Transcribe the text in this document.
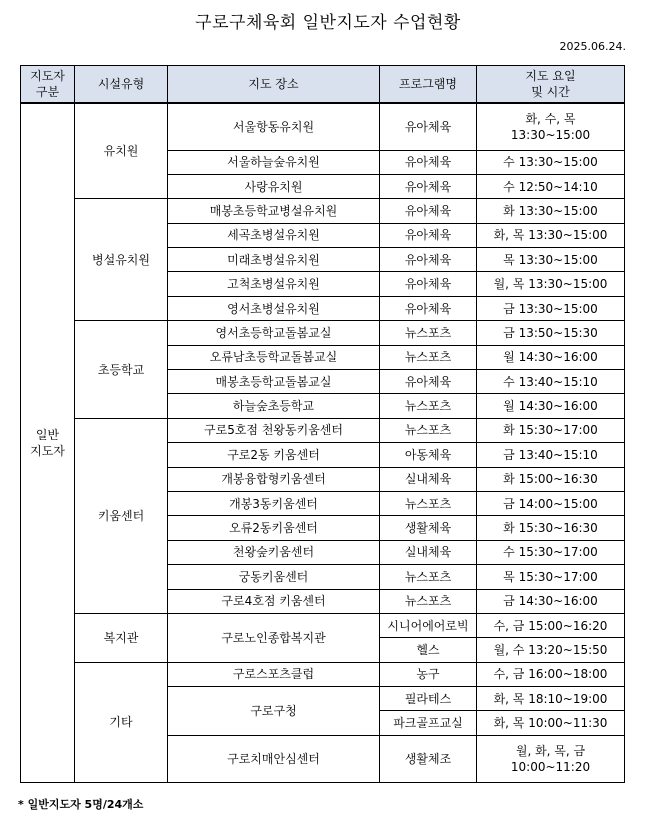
구로구체육회 일반지도자 수업현황
2025.06.24.
지도자
구분	시설유형	지도 장소	프로그램명	지도 요일
및 시간
일반
지도자	유치원	서울항동유치원	유아체육	화, 수, 목
13:30~15:00
		서울하늘숲유치원	유아체육	수 13:30~15:00
		사랑유치원	유아체육	수 12:50~14:10
	병설유치원	매봉초등학교병설유치원	유아체육	화 13:30~15:00
		세곡초병설유치원	유아체육	화, 목 13:30~15:00
		미래초병설유치원	유아체육	목 13:30~15:00
		고척초병설유치원	유아체육	월, 목 13:30~15:00
		영서초병설유치원	유아체육	금 13:30~15:00
	초등학교	영서초등학교돌봄교실	뉴스포츠	금 13:50~15:30
		오류남초등학교돌봄교실	뉴스포츠	월 14:30~16:00
		매봉초등학교돌봄교실	유아체육	수 13:40~15:10
		하늘숲초등학교	뉴스포츠	월 14:30~16:00
	키움센터	구로5호점 천왕동키움센터	뉴스포츠	화 15:30~17:00
		구로2동 키움센터	아동체육	금 13:40~15:10
		개봉융합형키움센터	실내체육	화 15:00~16:30
		개봉3동키움센터	뉴스포츠	금 14:00~15:00
		오류2동키움센터	생활체육	화 15:30~16:30
		천왕숲키움센터	실내체육	수 15:30~17:00
		궁동키움센터	뉴스포츠	목 15:30~17:00
		구로4호점 키움센터	뉴스포츠	금 14:30~16:00
	복지관	구로노인종합복지관	시니어에어로빅	수, 금 15:00~16:20
			헬스	월, 수 13:20~15:50
	기타	구로스포츠클럽	농구	수, 금 16:00~18:00
		구로구청	필라테스	화, 목 18:10~19:00
			파크골프교실	화, 목 10:00~11:30
		구로치매안심센터	생활체조	월, 화, 목, 금
10:00~11:20
* 일반지도자 5명/24개소
